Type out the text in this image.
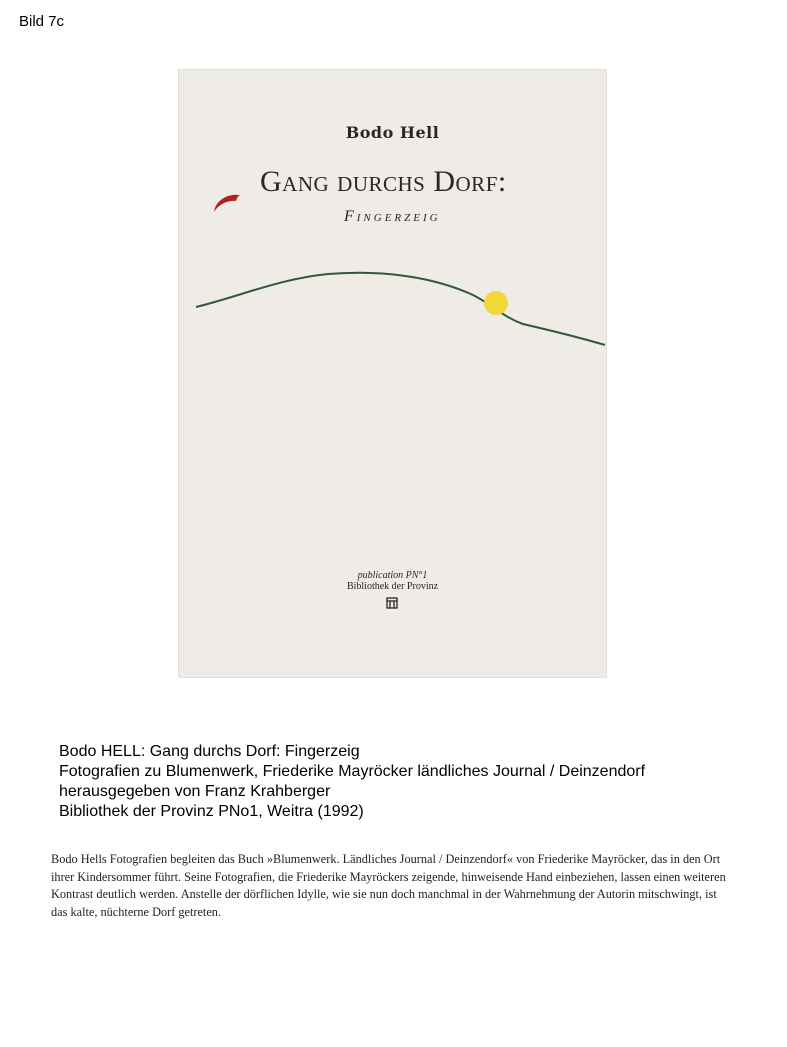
Bild 7c
Bodo Hell
Gang durchs Dorf:
Fingerzeig
publication PN°1
Bibliothek der Provinz
Bodo HELL: Gang durchs Dorf: Fingerzeig
Fotografien zu Blumenwerk, Friederike Mayröcker ländliches Journal / Deinzendorf
herausgegeben von Franz Krahberger
Bibliothek der Provinz PNo1, Weitra (1992)
Bodo Hells Fotografien begleiten das Buch »Blumenwerk. Ländliches Journal / Deinzendorf« von Friederike Mayröcker, das in den Ort ihrer Kindersommer führt. Seine Fotografien, die Friederike Mayröckers zeigende, hinweisende Hand einbeziehen, lassen einen weiteren Kontrast deutlich werden. Anstelle der dörflichen Idylle, wie sie nun doch manchmal in der Wahrnehmung der Autorin mitschwingt, ist das kalte, nüchterne Dorf getreten.
